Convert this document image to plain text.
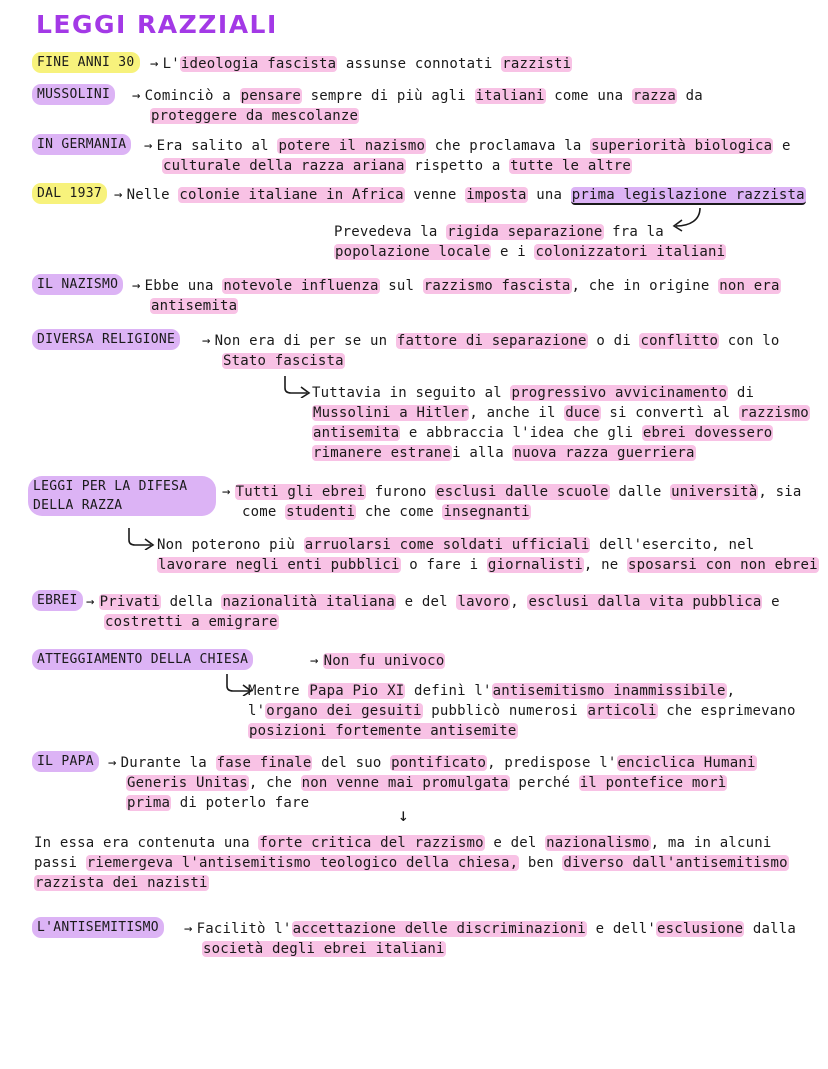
LEGGI RAZZIALI
FINE ANNI 30	→ L'ideologia fascista assunse connotati razzisti
MUSSOLINI	→ Cominciò a pensare sempre di più agli italiani come una razza da
proteggere da mescolanze
IN GERMANIA	→ Era salito al potere il nazismo che proclamava la superiorità biologica e
culturale della razza ariana rispetto a tutte le altre
DAL 1937 → Nelle colonie italiane in Africa venne imposta una prima legislazione razzista
Prevedeva la rigida separazione fra la
popolazione locale e i colonizzatori italiani
IL NAZISMO → Ebbe una notevole influenza sul razzismo fascista, che in origine non era
antisemita
DIVERSA RELIGIONE	→ Non era di per se un fattore di separazione o di conflitto con lo
Stato fascista
Tuttavia in seguito al progressivo avvicinamento di
Mussolini a Hitler, anche il duce si convertì al razzismo
antisemita e abbraccia l'idea che gli ebrei dovessero
rimanere estranei alla nuova razza guerriera
LEGGI PER LA DIFESA
DELLA RAZZA
→ Tutti gli ebrei furono esclusi dalle scuole dalle università, sia
come studenti che come insegnanti
Non poterono più arruolarsi come soldati ufficiali dell'esercito, nel
lavorare negli enti pubblici o fare i giornalisti, ne sposarsi con non ebrei
EBREI → Privati della nazionalità italiana e del lavoro, esclusi dalla vita pubblica e
costretti a emigrare
ATTEGGIAMENTO DELLA CHIESA	→ Non fu univoco
Mentre Papa Pio XI definì l'antisemitismo inammissibile,
l'organo dei gesuiti pubblicò numerosi articoli che esprimevano
posizioni fortemente antisemite
IL PAPA	→ Durante la fase finale del suo pontificato, predispose l'enciclica Humani
Generis Unitas, che non venne mai promulgata perché il pontefice morì
prima di poterlo fare
↓
In essa era contenuta una forte critica del razzismo e del nazionalismo, ma in alcuni
passi riemergeva l'antisemitismo teologico della chiesa, ben diverso dall'antisemitismo
razzista dei nazisti
L'ANTISEMITISMO	→ Facilitò l'accettazione delle discriminazioni e dell'esclusione dalla
società degli ebrei italiani
